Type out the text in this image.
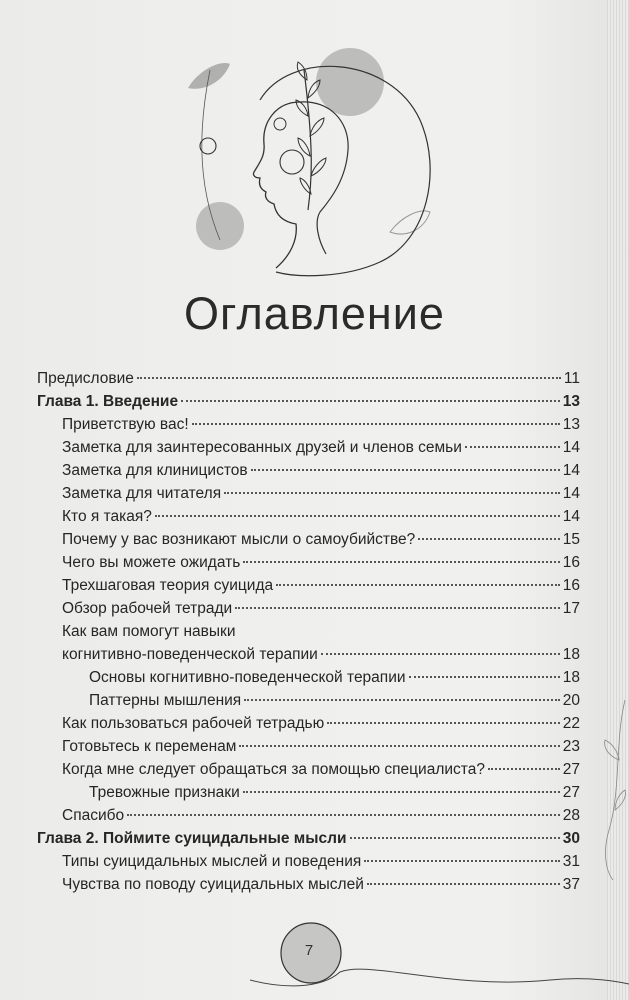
Оглавление
Предисловие	11
Глава 1. Введение	13
Приветствую вас!	13
Заметка для заинтересованных друзей и членов семьи	14
Заметка для клиницистов	14
Заметка для читателя	14
Кто я такая?	14
Почему у вас возникают мысли о самоубийстве?	15
Чего вы можете ожидать	16
Трехшаговая теория суицида	16
Обзор рабочей тетради	17
Как вам помогут навыки
когнитивно-поведенческой терапии	18
Основы когнитивно-поведенческой терапии	18
Паттерны мышления	20
Как пользоваться рабочей тетрадью	22
Готовьтесь к переменам	23
Когда мне следует обращаться за помощью специалиста?	27
Тревожные признаки	27
Спасибо	28
Глава 2. Поймите суицидальные мысли	30
Типы суицидальных мыслей и поведения	31
Чувства по поводу суицидальных мыслей	37
7
